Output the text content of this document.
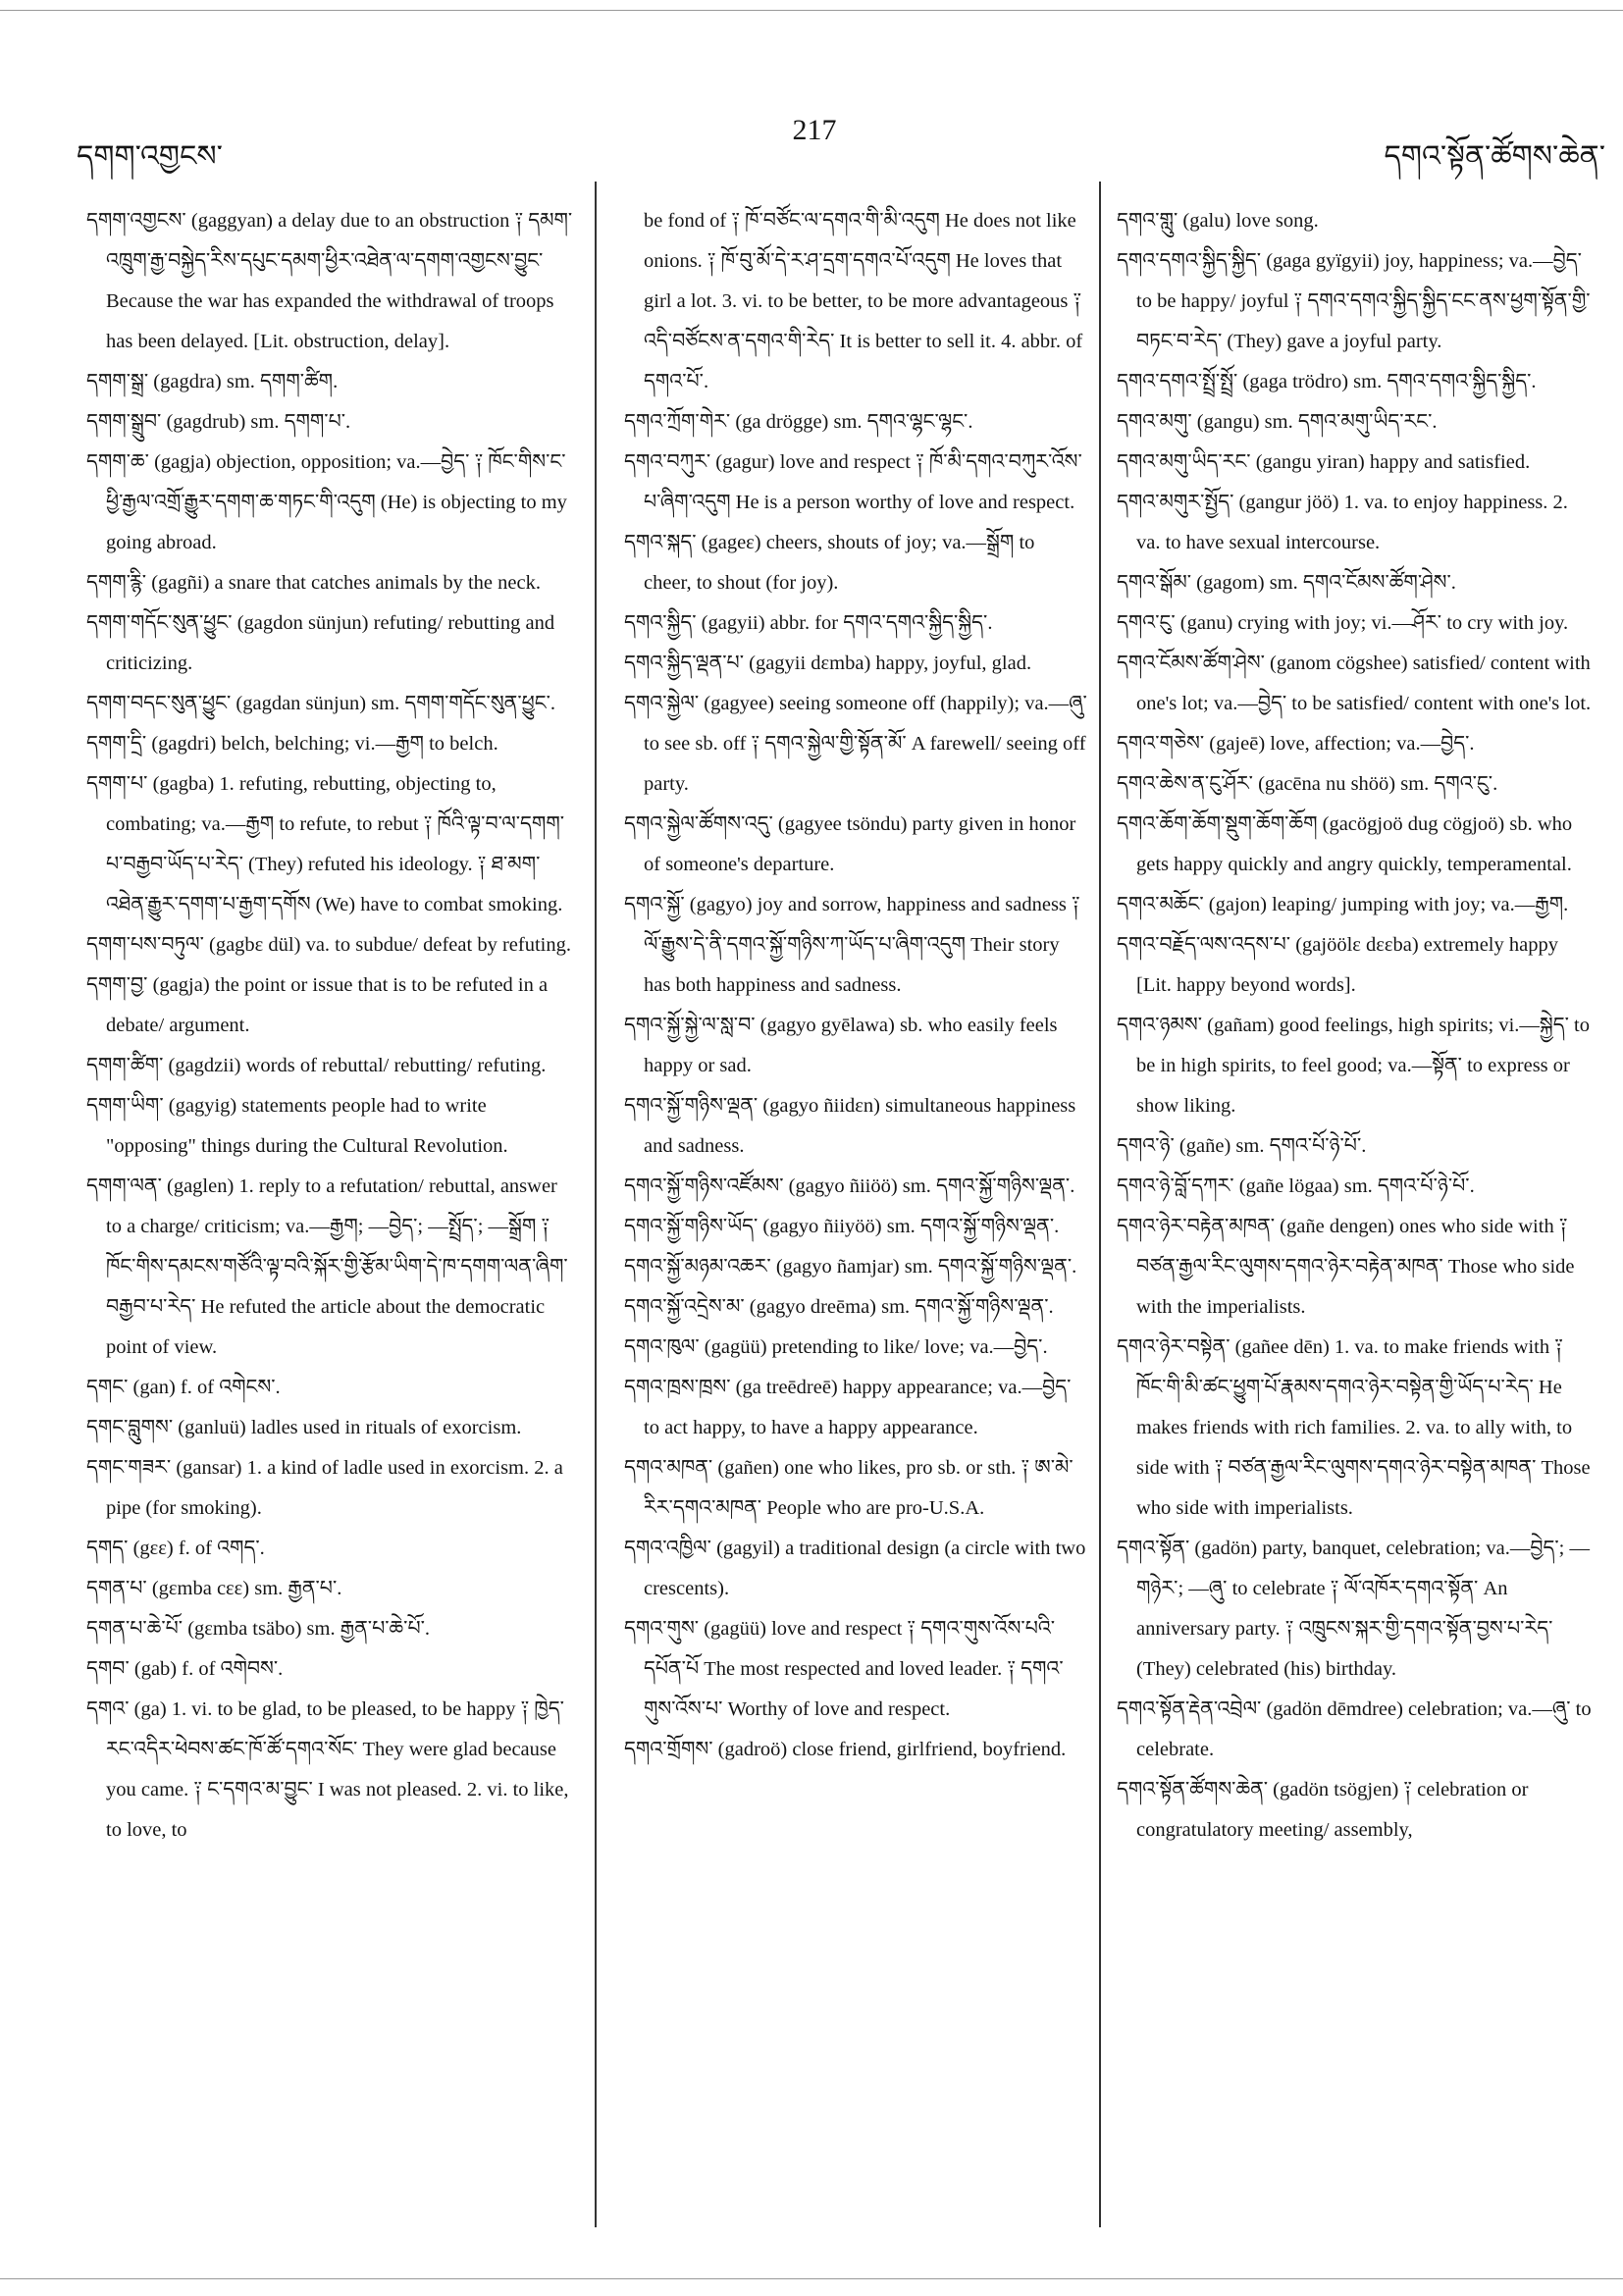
དགག་འགྱངས་
217
དགའ་སྟོན་ཚོགས་ཆེན་

དགག་འགྱངས་ (gaggyan) a delay due to an obstruction ༑ དམག་འཁྲུག་རྒྱ་བསྐྱེད་རིས་དཔུང་དམག་ཕྱིར་འཐེན་ལ་དགག་འགྱངས་བྱུང་ Because the war has expanded the withdrawal of troops has been delayed. [Lit. obstruction, delay].

དགག་སྒྲ་ (gagdra) sm. དགག་ཚིག.

དགག་སྒྲུབ་ (gagdrub) sm. དགག་པ་.

དགག་ཆ་ (gagja) objection, opposition; va.—བྱེད་ ༑ ཁོང་གིས་ང་ཕྱི་རྒྱལ་འགྲོ་རྒྱུར་དགག་ཆ་གཏང་གི་འདུག (He) is objecting to my going abroad.

དགག་རྙི་ (gagñi) a snare that catches animals by the neck.

དགག་གདོང་སུན་ཕྱུང་ (gagdon sünjun) refuting/ rebutting and criticizing.

དགག་བདང་སུན་ཕྱུང་ (gagdan sünjun) sm. དགག་གདོང་སུན་ཕྱུང་.

དགག་དྲི་ (gagdri) belch, belching; vi.—རྒྱག to belch.

དགག་པ་ (gagba) 1. refuting, rebutting, objecting to, combating; va.—རྒྱག to refute, to rebut ༑ ཁོའི་ལྟ་བ་ལ་དགག་པ་བརྒྱབ་ཡོད་པ་རེད་ (They) refuted his ideology. ༑ ཐ་མག་འཐེན་རྒྱུར་དགག་པ་རྒྱག་དགོས (We) have to combat smoking.

དགག་པས་བཏུལ་ (gagbε dül) va. to subdue/ defeat by refuting.

དགག་བྱ་ (gagja) the point or issue that is to be refuted in a debate/ argument.

དགག་ཚིག་ (gagdzii) words of rebuttal/ rebutting/ refuting.

དགག་ཡིག་ (gagyig) statements people had to write "opposing" things during the Cultural Revolution.

དགག་ལན་ (gaglen) 1. reply to a refutation/ rebuttal, answer to a charge/ criticism; va.—རྒྱག; —བྱེད་; —སྤྲོད་; —སྒྲོག ༑ ཁོང་གིས་དམངས་གཙོའི་ལྟ་བའི་སྐོར་གྱི་རྩོམ་ཡིག་དེ་ཁ་དགག་ལན་ཞིག་བརྒྱབ་པ་རེད་ He refuted the article about the democratic point of view.

དགང་ (gan) f. of འགེངས་.

དགང་བླུགས་ (ganluü) ladles used in rituals of exorcism.

དགང་གཟར་ (gansar) 1. a kind of ladle used in exorcism. 2. a pipe (for smoking).

དགད་ (gεε) f. of འགད་.

དགན་པ་ (gεmba cεε) sm. རྒྱན་པ་.

དགན་པ་ཆེ་པོ་ (gεmba tsäbo) sm. རྒྱན་པ་ཆེ་པོ་.

དགབ་ (gab) f. of འགེབས་.

དགའ་ (ga) 1. vi. to be glad, to be pleased, to be happy ༑ ཁྱེད་རང་འདིར་ཕེབས་ཚང་ཁོ་ཚོ་དགའ་སོང་ They were glad because you came. ༑ ང་དགའ་མ་བྱུང་ I was not pleased. 2. vi. to like, to love, to

be fond of ༑ ཁོ་བཙོང་ལ་དགའ་གི་མི་འདུག He does not like onions. ༑ ཁོ་བུ་མོ་དེ་ར་ཤ་དྲག་དགའ་པོ་འདུག He loves that girl a lot. 3. vi. to be better, to be more advantageous ༑ འདི་བཙོངས་ན་དགའ་གི་རེད་ It is better to sell it. 4. abbr. of དགའ་པོ་.

དགའ་ཀྲོག་གེར་ (ga drögge) sm. དགའ་ལྷང་ལྷང་.

དགའ་བཀུར་ (gagur) love and respect ༑ ཁོ་མི་དགའ་བཀུར་འོས་པ་ཞིག་འདུག He is a person worthy of love and respect.

དགའ་སྐད་ (gageε) cheers, shouts of joy; va.—སྒྲོག to cheer, to shout (for joy).

དགའ་སྐྱིད་ (gagyii) abbr. for དགའ་དགའ་སྐྱིད་སྐྱིད་.

དགའ་སྐྱིད་ལྡན་པ་ (gagyii dεmba) happy, joyful, glad.

དགའ་སྐྱེལ་ (gagyee) seeing someone off (happily); va.—ཞུ་ to see sb. off ༑ དགའ་སྐྱེལ་གྱི་སྟོན་མོ་ A farewell/ seeing off party.

དགའ་སྐྱེལ་ཚོགས་འདུ་ (gagyee tsöndu) party given in honor of someone's departure.

དགའ་སྐྱོ་ (gagyo) joy and sorrow, happiness and sadness ༑ ལོ་རྒྱུས་དེ་ནི་དགའ་སྐྱོ་གཉིས་ཀ་ཡོད་པ་ཞིག་འདུག Their story has both happiness and sadness.

དགའ་སྐྱོ་སྐྱེ་ལ་སླ་བ་ (gagyo gyēlawa) sb. who easily feels happy or sad.

དགའ་སྐྱོ་གཉིས་ལྡན་ (gagyo ñiidεn) simultaneous happiness and sadness.

དགའ་སྐྱོ་གཉིས་འཛོམས་ (gagyo ñiiöö) sm. དགའ་སྐྱོ་གཉིས་ལྡན་.

དགའ་སྐྱོ་གཉིས་ཡོད་ (gagyo ñiiyöö) sm. དགའ་སྐྱོ་གཉིས་ལྡན་.

དགའ་སྐྱོ་མཉམ་འཆར་ (gagyo ñamjar) sm. དགའ་སྐྱོ་གཉིས་ལྡན་.

དགའ་སྐྱོ་འདྲེས་མ་ (gagyo dreēma) sm. དགའ་སྐྱོ་གཉིས་ལྡན་.

དགའ་ཁུལ་ (gagüü) pretending to like/ love; va.—བྱེད་.

དགའ་ཁྲས་ཁྲས་ (ga treēdreē) happy appearance; va.—བྱེད་ to act happy, to have a happy appearance.

དགའ་མཁན་ (gañen) one who likes, pro sb. or sth. ༑ ཨ་མེ་རིར་དགའ་མཁན་ People who are pro-U.S.A.

དགའ་འཁྱིལ་ (gagyil) a traditional design (a circle with two crescents).

དགའ་གུས་ (gagüü) love and respect ༑ དགའ་གུས་འོས་པའི་དཔོན་པོ The most respected and loved leader. ༑ དགའ་གུས་འོས་པ་ Worthy of love and respect.

དགའ་གྲོགས་ (gadroö) close friend, girlfriend, boyfriend.

དགའ་གླུ་ (galu) love song.

དགའ་དགའ་སྐྱིད་སྐྱིད་ (gaga gyïgyii) joy, happiness; va.—བྱེད་ to be happy/ joyful ༑ དགའ་དགའ་སྐྱིད་སྐྱིད་ངང་ནས་ཕྱག་སྟོན་གྱི་བཏང་བ་རེད་ (They) gave a joyful party.

དགའ་དགའ་སྤྲོ་སྤྲོ་ (gaga trödro) sm. དགའ་དགའ་སྐྱིད་སྐྱིད་.

དགའ་མགུ་ (gangu) sm. དགའ་མགུ་ཡིད་རང་.

དགའ་མགུ་ཡིད་རང་ (gangu yiran) happy and satisfied.

དགའ་མགུར་སྤྱོད་ (gangur jöö) 1. va. to enjoy happiness. 2. va. to have sexual intercourse.

དགའ་སྒོམ་ (gagom) sm. དགའ་ངོམས་ཚོག་ཤེས་.

དགའ་ངུ་ (ganu) crying with joy; vi.—ཤོར་ to cry with joy.

དགའ་ངོམས་ཚོག་ཤེས་ (ganom cögshee) satisfied/ content with one's lot; va.—བྱེད་ to be satisfied/ content with one's lot.

དགའ་གཅེས་ (gajeē) love, affection; va.—བྱེད་.

དགའ་ཆེས་ན་ངུ་ཤོར་ (gacēna nu shöö) sm. དགའ་ངུ་.

དགའ་ཆོག་ཆོག་སྡུག་ཆོག་ཆོག (gacögjoö dug cögjoö) sb. who gets happy quickly and angry quickly, temperamental.

དགའ་མཆོང་ (gajon) leaping/ jumping with joy; va.—རྒྱག.

དགའ་བརྗོད་ལས་འདས་པ་ (gajöölε dεεba) extremely happy [Lit. happy beyond words].

དགའ་ཉམས་ (gañam) good feelings, high spirits; vi.—སྐྱེད་ to be in high spirits, to feel good; va.—སྟོན་ to express or show liking.

དགའ་ཉེ་ (gañe) sm. དགའ་པོ་ཉེ་པོ་.

དགའ་ཉེ་བློ་དཀར་ (gañe lögaa) sm. དགའ་པོ་ཉེ་པོ་.

དགའ་ཉེར་བརྟེན་མཁན་ (gañe dengen) ones who side with ༑ བཙན་རྒྱལ་རིང་ལུགས་དགའ་ཉེར་བརྟེན་མཁན་ Those who side with the imperialists.

དགའ་ཉེར་བསྟེན་ (gañee dēn) 1. va. to make friends with ༑ ཁོང་གི་མི་ཚང་ཕྱུག་པོ་རྣམས་དགའ་ཉེར་བསྟེན་གྱི་ཡོད་པ་རེད་ He makes friends with rich families. 2. va. to ally with, to side with ༑ བཙན་རྒྱལ་རིང་ལུགས་དགའ་ཉེར་བསྟེན་མཁན་ Those who side with imperialists.

དགའ་སྟོན་ (gadön) party, banquet, celebration; va.—བྱེད་; —གཉེར་; —ཞུ་ to celebrate ༑ ལོ་འཁོར་དགའ་སྟོན་ An anniversary party. ༑ འཁྲུངས་སྐར་གྱི་དགའ་སྟོན་བྱས་པ་རེད་ (They) celebrated (his) birthday.

དགའ་སྟོན་རྡེན་འབྲེལ་ (gadön dēmdree) celebration; va.—ཞུ་ to celebrate.

དགའ་སྟོན་ཚོགས་ཆེན་ (gadön tsögjen) ༑ celebration or congratulatory meeting/ assembly,
